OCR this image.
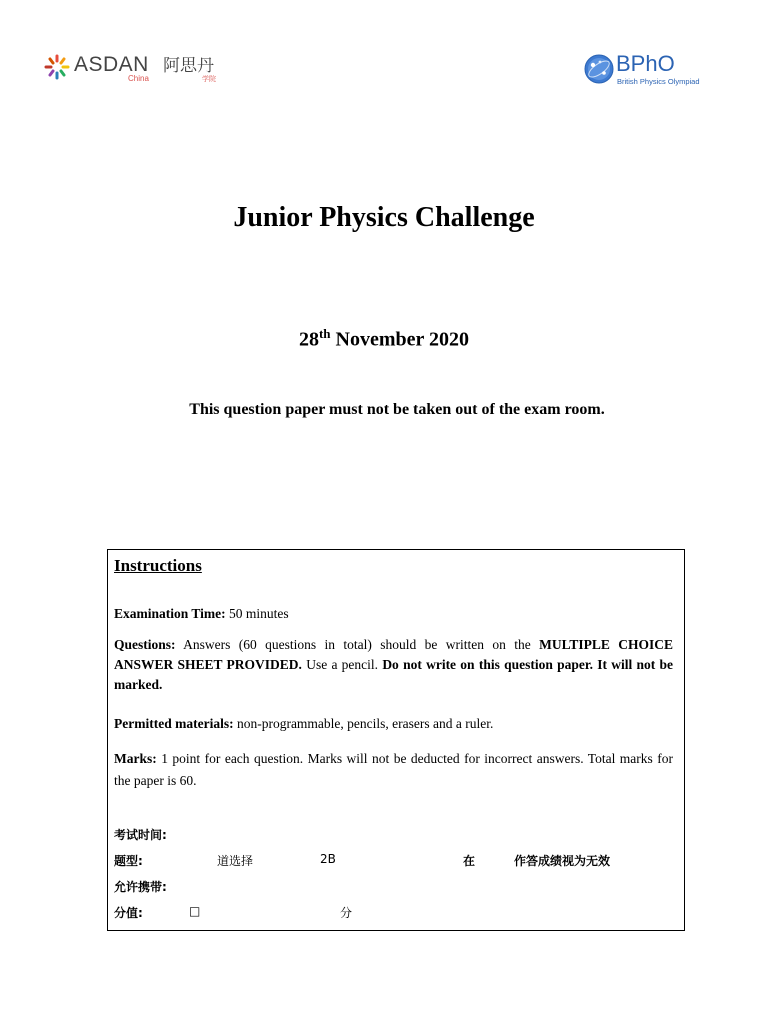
ASDAN 阿思丹
China	学院
BPhO
British Physics Olympiad
Junior Physics Challenge
28th November 2020
This question paper must not be taken out of the exam room.
Instructions
Examination Time: 50 minutes
Questions: Answers (60 questions in total) should be written on the MULTIPLE CHOICE ANSWER SHEET PROVIDED. Use a pencil. Do not write on this question paper. It will not be marked.
Permitted materials: non-programmable, pencils, erasers and a ruler.
Marks: 1 point for each question. Marks will not be deducted for incorrect answers. Total marks for the paper is 60.
考试时间:
题型:	道选择	2B	在	作答成绩视为无效
允许携带:
分值:	□	分
